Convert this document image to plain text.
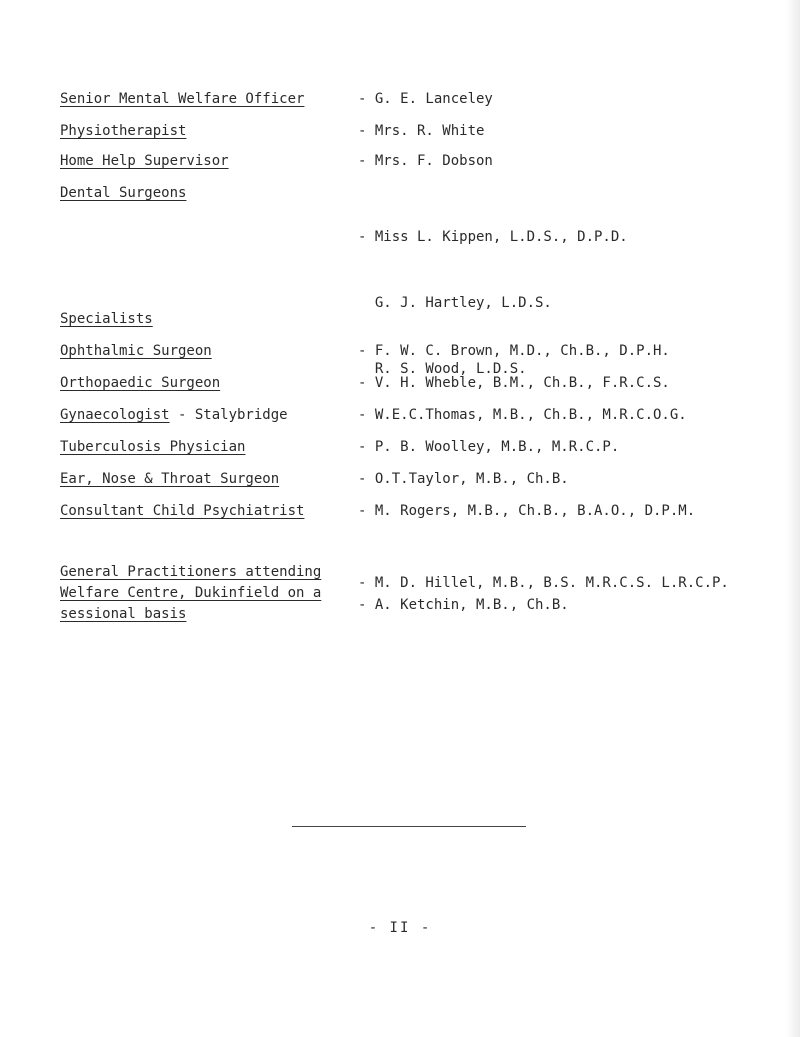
Senior Mental Welfare Officer	- G. E. Lanceley
Physiotherapist	- Mrs. R. White
Home Help Supervisor	- Mrs. F. Dobson
Dental Surgeons

- Miss L. Kippen, L.D.S., D.P.D.

G. J. Hartley, L.D.S.

R. S. Wood, L.D.S.

Specialists
Ophthalmic Surgeon	- F. W. C. Brown, M.D., Ch.B., D.P.H.
Orthopaedic Surgeon	- V. H. Wheble, B.M., Ch.B., F.R.C.S.
Gynaecologist - Stalybridge	- W.E.C.Thomas, M.B., Ch.B., M.R.C.O.G.
Tuberculosis Physician	- P. B. Woolley, M.B., M.R.C.P.
Ear, Nose & Throat Surgeon	- O.T.Taylor, M.B., Ch.B.
Consultant Child Psychiatrist	- M. Rogers, M.B., Ch.B., B.A.O., D.P.M.
General Practitioners attending
Welfare Centre, Dukinfield on a
sessional basis
- M. D. Hillel, M.B., B.S. M.R.C.S. L.R.C.P.
- A. Ketchin, M.B., Ch.B.
- II -
